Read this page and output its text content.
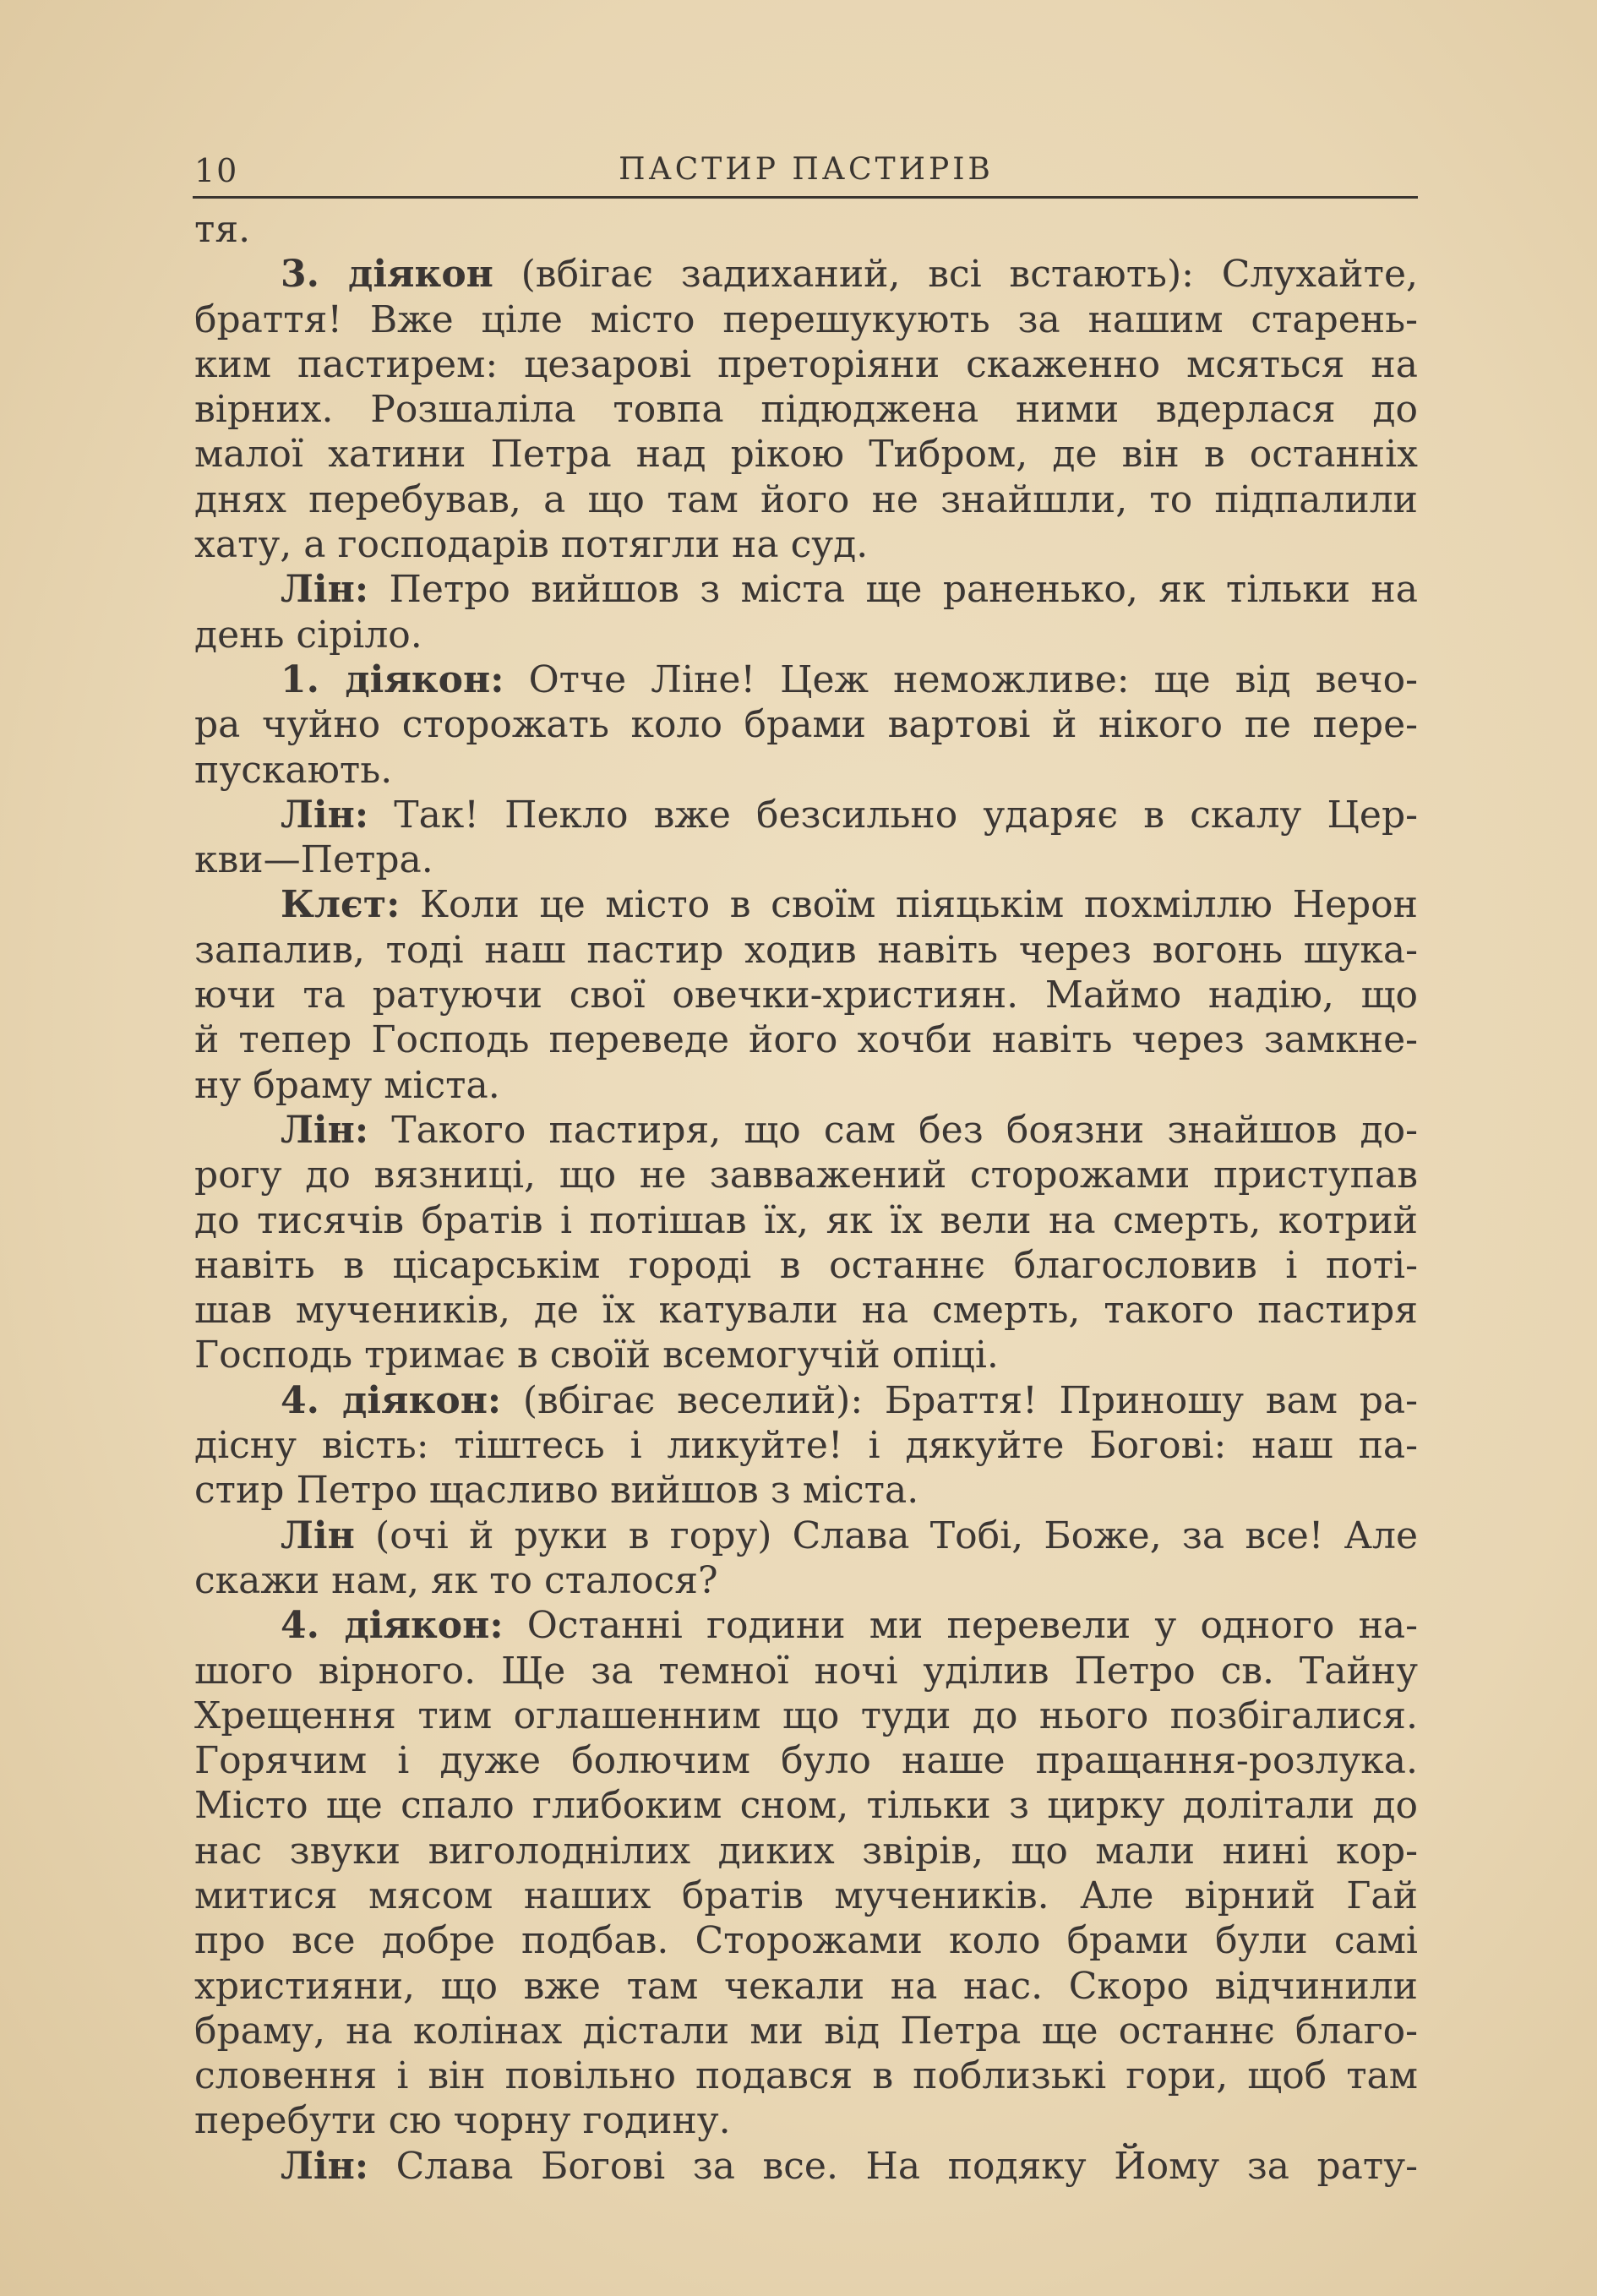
10	ПАСТИР ПАСТИРІВ
тя.
3. діякон (вбігає задиханий, всі встають): Слухайте,
браття! Вже ціле місто перешукують за нашим старень-
ким пастирем: цезарові преторіяни скаженно мсяться на
вірних. Розшаліла товпа підюджена ними вдерлася до
малої хатини Петра над рікою Тибром, де він в останніх
днях перебував, а що там його не знайшли, то підпалили
хату, а господарів потягли на суд.
Лін: Петро вийшов з міста ще раненько, як тільки на
день сіріло.
1. діякон: Отче Ліне! Цеж неможливе: ще від вечо-
ра чуйно сторожать коло брами вартові й нікого пе пере-
пускають.
Лін: Так! Пекло вже безсильно ударяє в скалу Цер-
кви—Петра.
Клєт: Коли це місто в своїм піяцькім похміллю Нерон
запалив, тоді наш пастир ходив навіть через вогонь шука-
ючи та ратуючи свої овечки-християн. Маймо надію, що
й тепер Господь переведе його хочби навіть через замкне-
ну браму міста.
Лін: Такого пастиря, що сам без боязни знайшов до-
рогу до вязниці, що не завважений сторожами приступав
до тисячів братів і потішав їх, як їх вели на смерть, котрий
навіть в цісарськім городі в останнє благословив і поті-
шав мучеників, де їх катували на смерть, такого пастиря
Господь тримає в своїй всемогучій опіці.
4. діякон: (вбігає веселий): Браття! Приношу вам ра-
дісну вість: тіштесь і ликуйте! і дякуйте Богові: наш па-
стир Петро щасливо вийшов з міста.
Лін (очі й руки в гору) Слава Тобі, Боже, за все! Але
скажи нам, як то сталося?
4. діякон: Останні години ми перевели у одного на-
шого вірного. Ще за темної ночі уділив Петро св. Тайну
Хрещення тим оглашенним що туди до нього позбігалися.
Горячим і дуже болючим було наше пращання-розлука.
Місто ще спало глибоким сном, тільки з цирку долітали до
нас звуки виголоднілих диких звірів, що мали нині кор-
митися мясом наших братів мучеників. Але вірний Гай
про все добре подбав. Сторожами коло брами були самі
християни, що вже там чекали на нас. Скоро відчинили
браму, на колінах дістали ми від Петра ще останнє благо-
словення і він повільно подався в поблизькі гори, щоб там
перебути сю чорну годину.
Лін: Слава Богові за все. На подяку Йому за рату-
